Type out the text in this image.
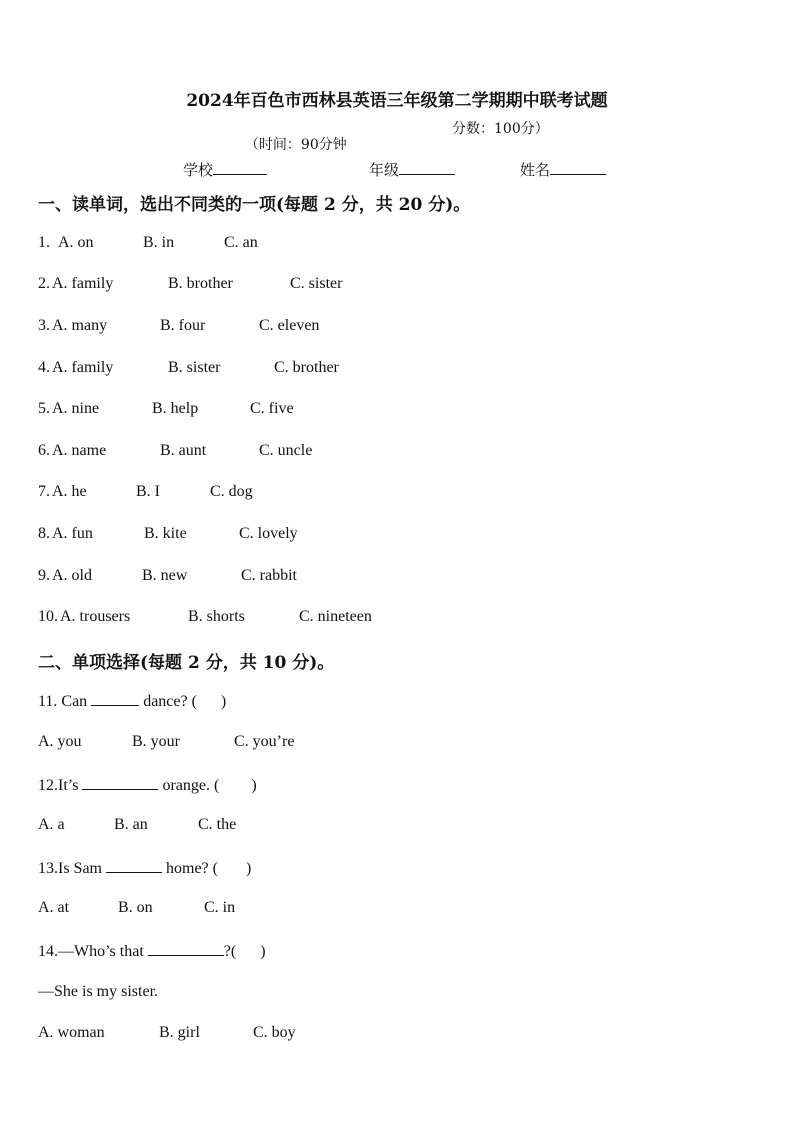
2024年百色市西林县英语三年级第二学期期中联考试题

（时间：90分钟

分数：100分）

学校	年级	姓名
一、读单词，选出不同类的一项(每题 2 分，共 20 分)。
1. A. on	B. in	C. an
2. A. family	B. brother	C. sister
3. A. many	B. four	C. eleven
4. A. family	B. sister	C. brother
5. A. nine	B. help	C. five
6. A. name	B. aunt	C. uncle
7. A. he	B. I	C. dog
8. A. fun	B. kite	C. lovely
9. A. old	B. new	C. rabbit
10. A. trousers	B. shorts	C. nineteen
二、单项选择(每题 2 分，共 10 分)。
11. Can	dance? (      )
A. you	B. your	C. you’re
12.It’s	orange. (        )
A. a	B. an	C. the
13.Is Sam	home? (       )
A. at	B. on	C. in
14.—Who’s that	?(      )
—She is my sister.
A. woman	B. girl	C. boy
